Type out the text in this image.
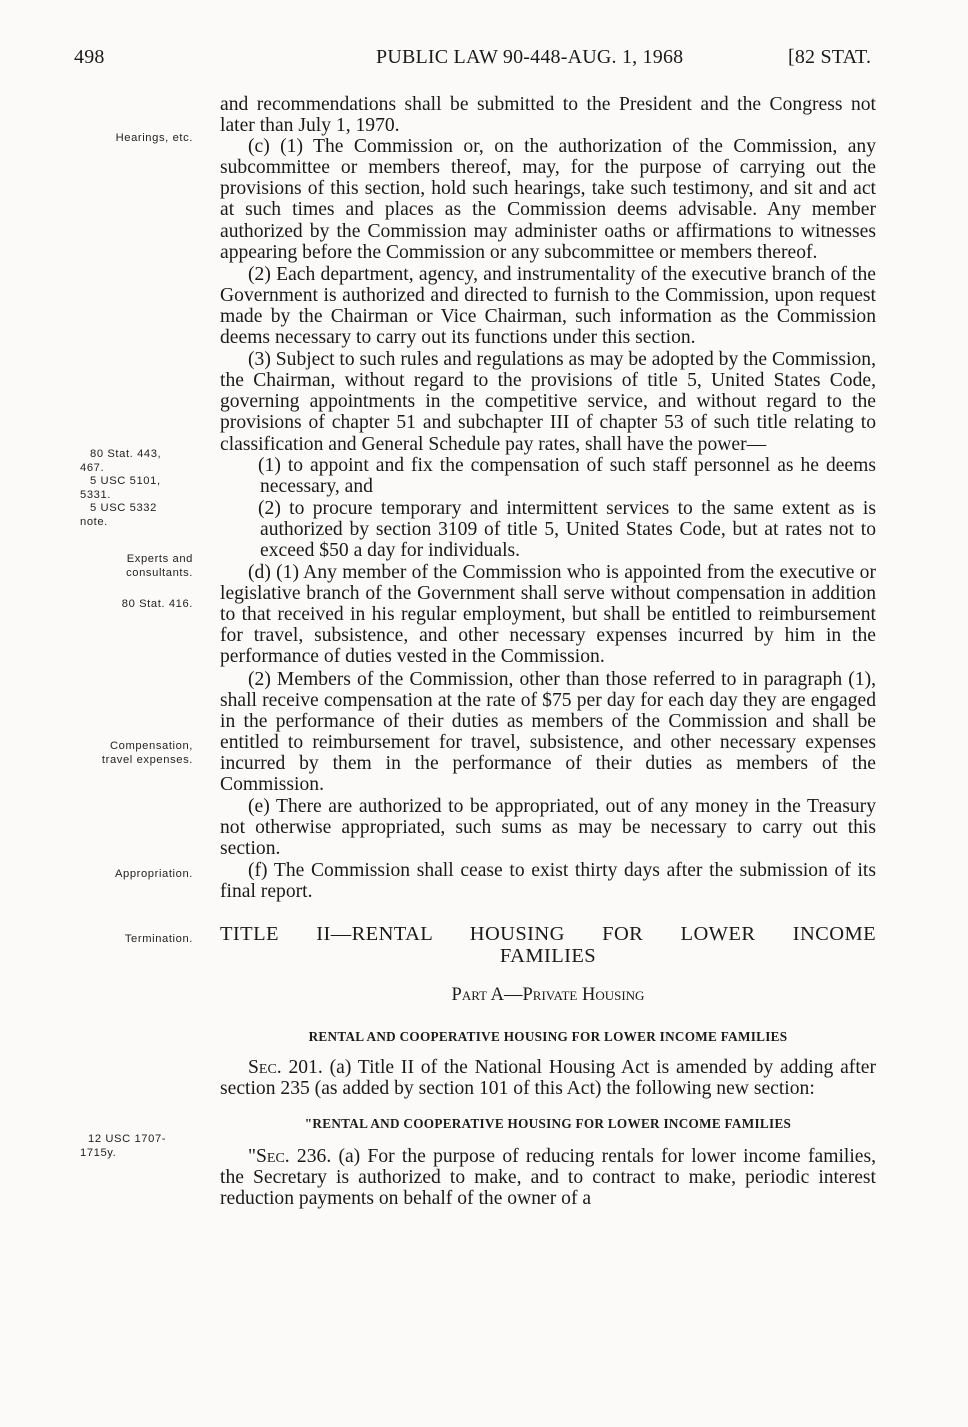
498	PUBLIC LAW 90-448-AUG. 1, 1968	[82 STAT.
Hearings, etc.
80 Stat. 443,
467.
5 USC 5101,
5331.
5 USC 5332
note.
Experts and
consultants.
80 Stat. 416.
Compensation,
travel expenses.
Appropriation.
Termination.
12 USC 1707-
1715y.

and recommendations shall be submitted to the President and the Congress not later than July 1, 1970.

(c) (1) The Commission or, on the authorization of the Commission, any subcommittee or members thereof, may, for the purpose of carrying out the provisions of this section, hold such hearings, take such testimony, and sit and act at such times and places as the Commission deems advisable. Any member authorized by the Commission may administer oaths or affirmations to witnesses appearing before the Commission or any subcommittee or members thereof.

(2) Each department, agency, and instrumentality of the executive branch of the Government is authorized and directed to furnish to the Commission, upon request made by the Chairman or Vice Chairman, such information as the Commission deems necessary to carry out its functions under this section.

(3) Subject to such rules and regulations as may be adopted by the Commission, the Chairman, without regard to the provisions of title 5, United States Code, governing appointments in the competitive service, and without regard to the provisions of chapter 51 and subchapter III of chapter 53 of such title relating to classification and General Schedule pay rates, shall have the power—

(1) to appoint and fix the compensation of such staff personnel as he deems necessary, and

(2) to procure temporary and intermittent services to the same extent as is authorized by section 3109 of title 5, United States Code, but at rates not to exceed $50 a day for individuals.

(d) (1) Any member of the Commission who is appointed from the executive or legislative branch of the Government shall serve without compensation in addition to that received in his regular employment, but shall be entitled to reimbursement for travel, subsistence, and other necessary expenses incurred by him in the performance of duties vested in the Commission.

(2) Members of the Commission, other than those referred to in paragraph (1), shall receive compensation at the rate of $75 per day for each day they are engaged in the performance of their duties as members of the Commission and shall be entitled to reimbursement for travel, subsistence, and other necessary expenses incurred by them in the performance of their duties as members of the Commission.

(e) There are authorized to be appropriated, out of any money in the Treasury not otherwise appropriated, such sums as may be necessary to carry out this section.

(f) The Commission shall cease to exist thirty days after the submission of its final report.

TITLE II—RENTAL HOUSING FOR LOWER INCOME
FAMILIES
Part A—Private Housing
RENTAL AND COOPERATIVE HOUSING FOR LOWER INCOME FAMILIES

Sec. 201. (a) Title II of the National Housing Act is amended by adding after section 235 (as added by section 101 of this Act) the following new section:

"RENTAL AND COOPERATIVE HOUSING FOR LOWER INCOME FAMILIES

"Sec. 236. (a) For the purpose of reducing rentals for lower income families, the Secretary is authorized to make, and to contract to make, periodic interest reduction payments on behalf of the owner of a
